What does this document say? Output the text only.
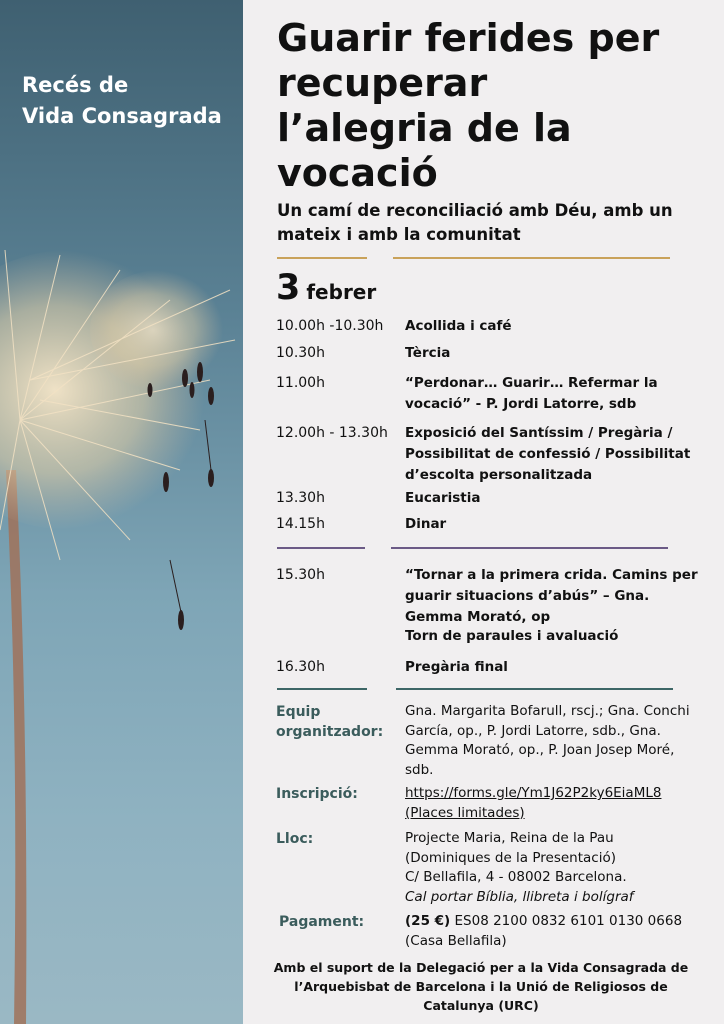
Recés de
Vida Consagrada
Guarir ferides per
recuperar
l’alegria de la
vocació
Un camí de reconciliació amb Déu, amb un mateix i amb la comunitat
3 febrer
10.00h -10.30h Acollida i café
10.30h	Tèrcia
11.00h	“Perdonar… Guarir… Refermar la vocació” - P. Jordi Latorre, sdb
12.00h - 13.30h Exposició del Santíssim / Pregària / Possibilitat de confessió / Possibilitat d’escolta personalitzada
13.30h	Eucaristia
14.15h	Dinar
15.30h	“Tornar a la primera crida. Camins per guarir situacions d’abús” – Gna. Gemma Morató, op
Torn de paraules i avaluació
16.30h	Pregària final
Equip organitzador:
Gna. Margarita Bofarull, rscj.; Gna. Conchi García, op., P. Jordi Latorre, sdb., Gna. Gemma Morató, op., P. Joan Josep Moré, sdb.
Inscripció:	https://forms.gle/Ym1J62P2ky6EiaML8
(Places limitades)
Lloc:	Projecte Maria, Reina de la Pau
(Dominiques de la Presentació)
C/ Bellafila, 4 - 08002 Barcelona.
Cal portar Bíblia, llibreta i bolígraf
Pagament:	(25 €) ES08 2100 0832 6101 0130 0668
(Casa Bellafila)
Amb el suport de la Delegació per a la Vida Consagrada de l’Arquebisbat de Barcelona i la Unió de Religiosos de Catalunya (URC)
